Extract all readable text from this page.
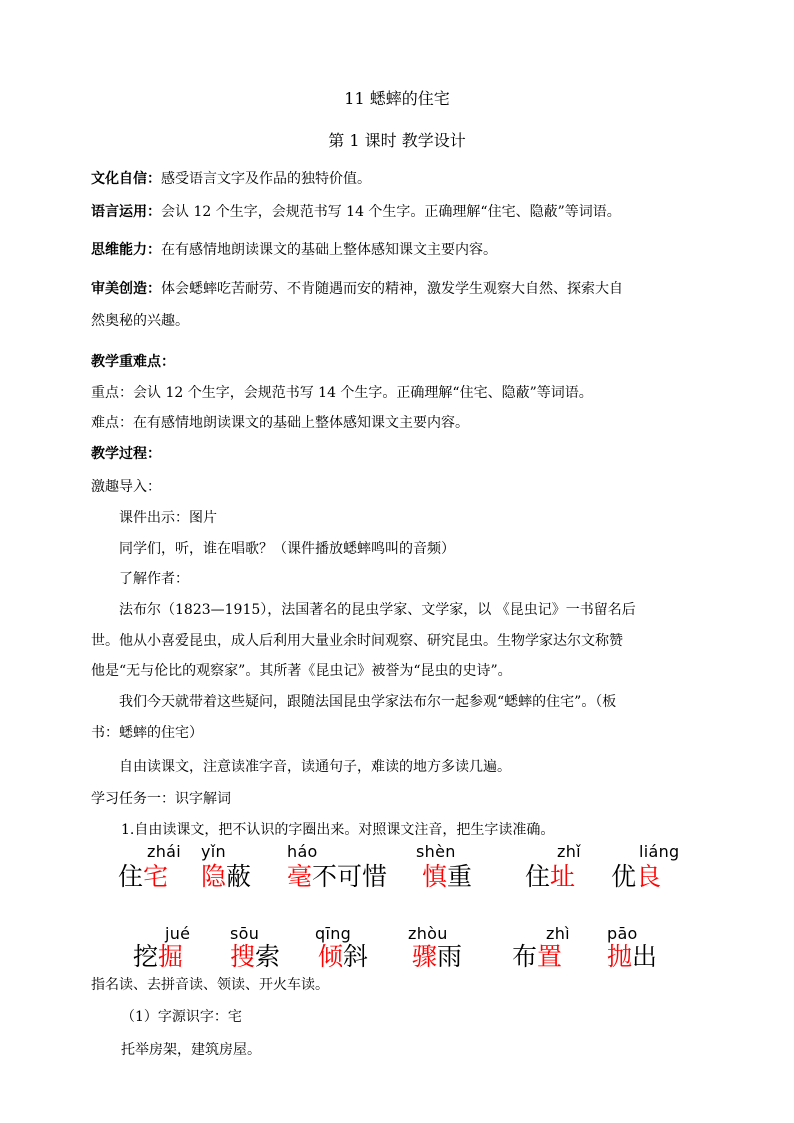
11 蟋蟀的住宅
第 1 课时 教学设计
文化自信：感受语言文字及作品的独特价值。
语言运用：会认 12 个生字，会规范书写 14 个生字。正确理解“住宅、隐蔽”等词语。
思维能力：在有感情地朗读课文的基础上整体感知课文主要内容。
审美创造：体会蟋蟀吃苦耐劳、不肯随遇而安的精神，激发学生观察大自然、探索大自
然奥秘的兴趣。
教学重难点：
重点：会认 12 个生字，会规范书写 14 个生字。正确理解“住宅、隐蔽”等词语。
难点：在有感情地朗读课文的基础上整体感知课文主要内容。
教学过程：
激趣导入：
课件出示：图片
同学们，听，谁在唱歌？（课件播放蟋蟀鸣叫的音频）
了解作者：
法布尔（1823—1915），法国著名的昆虫学家、文学家，以 《昆虫记》一书留名后
世。他从小喜爱昆虫，成人后利用大量业余时间观察、研究昆虫。生物学家达尔文称赞
他是“无与伦比的观察家”。其所著《昆虫记》被誉为“昆虫的史诗”。
我们今天就带着这些疑问，跟随法国昆虫学家法布尔一起参观“蟋蟀的住宅”。（板
书：蟋蟀的住宅）
自由读课文，注意读准字音，读通句子，难读的地方多读几遍。
学习任务一：识字解词
1.自由读课文，把不认识的字圈出来。对照课文注音，把生字读准确。
zhái
住宅
yǐn
隐蔽
háo
毫不可惜
shèn
慎重
zhǐ
住址
liáng
优良
jué
挖掘
sōu
搜索
qīng
倾斜
zhòu
骤雨
zhì
布置
pāo
抛出
指名读、去拼音读、领读、开火车读。
（1）字源识字：宅
托举房架，建筑房屋。
